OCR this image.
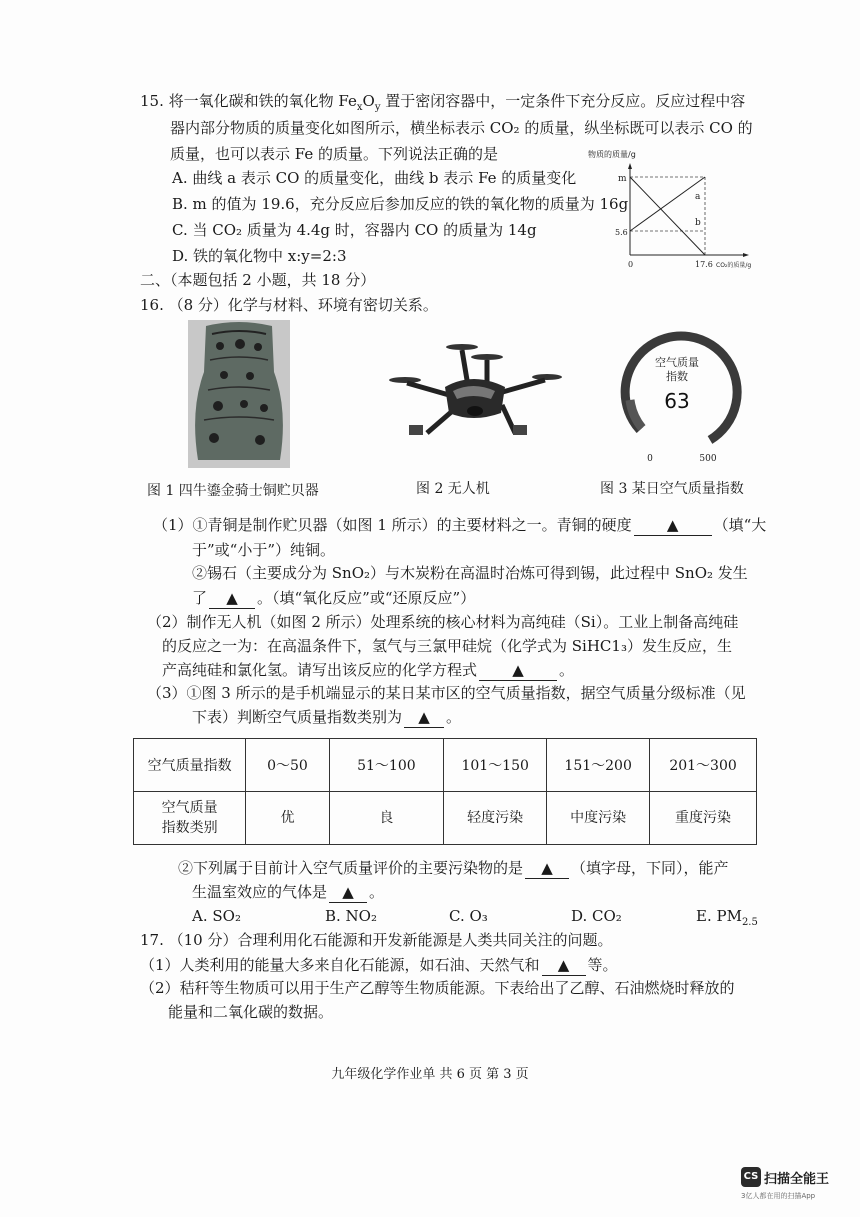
15. 将一氧化碳和铁的氧化物 $Fe_xO_y$ 置于密闭容器中，一定条件下充分反应。反应过程中容
器内部分物质的质量变化如图所示，横坐标表示 CO₂ 的质量，纵坐标既可以表示 CO 的
质量，也可以表示 Fe 的质量。下列说法正确的是
A. 曲线 a 表示 CO 的质量变化，曲线 b 表示 Fe 的质量变化
B. m 的值为 19.6，充分反应后参加反应的铁的氧化物的质量为 16g
C. 当 CO₂ 质量为 4.4g 时，容器内 CO 的质量为 14g
D. 铁的氧化物中 x:y=2:3
物质的质量/g
m
5.6
0	17.6 CO₂的质量/g
a
b
二、（本题包括 2 小题，共 18 分）
16. （8 分）化学与材料、环境有密切关系。
空气质量
指数
63
0	500
图 1 四牛鎏金骑士铜贮贝器	图 2 无人机	图 3 某日空气质量指数
（1）①青铜是制作贮贝器（如图 1 所示）的主要材料之一。青铜的硬度 ▲ （填“大
于”或“小于”）纯铜。
②锡石（主要成分为 SnO₂）与木炭粉在高温时冶炼可得到锡，此过程中 SnO₂ 发生
了 ▲ 。（填“氧化反应”或“还原反应”）
（2）制作无人机（如图 2 所示）处理系统的核心材料为高纯硅（Si）。工业上制备高纯硅
的反应之一为：在高温条件下，氢气与三氯甲硅烷（化学式为 SiHC1₃）发生反应，生
产高纯硅和氯化氢。请写出该反应的化学方程式 ▲ 。
（3）①图 3 所示的是手机端显示的某日某市区的空气质量指数，据空气质量分级标准（见
下表）判断空气质量指数类别为 ▲ 。
空气质量指数	0～50	51～100	101～150	151～200	201～300
空气质量
指数类别	优	良	轻度污染	中度污染	重度污染
②下列属于目前计入空气质量评价的主要污染物的是 ▲ （填字母，下同），能产
生温室效应的气体是 ▲ 。
A. SO₂	B. NO₂	C. O₃	D. CO₂	E. $PM_{2.5}$
17. （10 分）合理利用化石能源和开发新能源是人类共同关注的问题。
（1）人类利用的能量大多来自化石能源，如石油、天然气和 ▲ 等。
（2）秸秆等生物质可以用于生产乙醇等生物质能源。下表给出了乙醇、石油燃烧时释放的
能量和二氧化碳的数据。
九年级化学作业单 共 6 页 第 3 页
CS 扫描全能王
3亿人都在用的扫描App
